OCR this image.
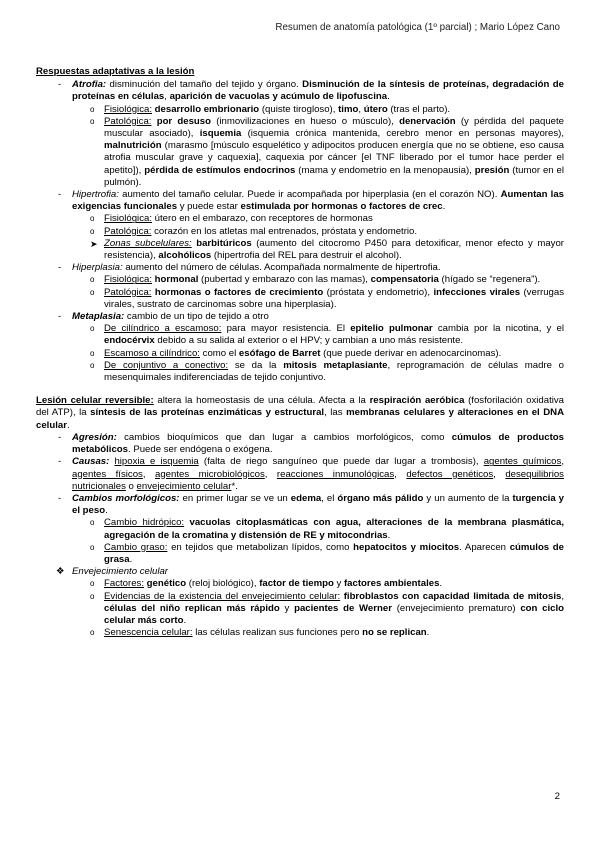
Resumen de anatomía patológica (1º parcial) ; Mario López Cano
Respuestas adaptativas a la lesión
- Atrofia: disminución del tamaño del tejido y órgano. Disminución de la síntesis de proteínas, degradación de proteínas en células, aparición de vacuolas y acúmulo de lipofuscina.
o Fisiológica: desarrollo embrionario (quiste tirogloso), timo, útero (tras el parto).
o Patológica: por desuso (inmovilizaciones en hueso o músculo), denervación (y pérdida del paquete muscular asociado), isquemia (isquemia crónica mantenida, cerebro menor en personas mayores), malnutrición (marasmo [músculo esquelético y adipocitos producen energía que no se obtiene, eso causa atrofia muscular grave y caquexia], caquexia por cáncer [el TNF liberado por el tumor hace perder el apetito]), pérdida de estímulos endocrinos (mama y endometrio en la menopausia), presión (tumor en el pulmón).
- Hipertrofia: aumento del tamaño celular. Puede ir acompañada por hiperplasia (en el corazón NO). Aumentan las exigencias funcionales y puede estar estimulada por hormonas o factores de crec.
o Fisiológica: útero en el embarazo, con receptores de hormonas
o Patológica: corazón en los atletas mal entrenados, próstata y endometrio.
➤ Zonas subcelulares: barbitúricos (aumento del citocromo P450 para detoxificar, menor efecto y mayor resistencia), alcohólicos (hipertrofia del REL para destruir el alcohol).
- Hiperplasia: aumento del número de células. Acompañada normalmente de hipertrofia.
o Fisiológica: hormonal (pubertad y embarazo con las mamas), compensatoria (hígado se “regenera”).
o Patológica: hormonas o factores de crecimiento (próstata y endometrio), infecciones virales (verrugas virales, sustrato de carcinomas sobre una hiperplasia).
- Metaplasia: cambio de un tipo de tejido a otro
o De cilíndrico a escamoso: para mayor resistencia. El epitelio pulmonar cambia por la nicotina, y el endocérvix debido a su salida al exterior o el HPV; y cambian a uno más resistente.
o Escamoso a cilíndrico: como el esófago de Barret (que puede derivar en adenocarcinomas).
o De conjuntivo a conectivo: se da la mitosis metaplasiante, reprogramación de células madre o mesenquimales indiferenciadas de tejido conjuntivo.
Lesión celular reversible: altera la homeostasis de una célula. Afecta a la respiración aeróbica (fosforilación oxidativa del ATP), la síntesis de las proteínas enzimáticas y estructural, las membranas celulares y alteraciones en el DNA celular.
- Agresión: cambios bioquímicos que dan lugar a cambios morfológicos, como cúmulos de productos metabólicos. Puede ser endógena o exógena.
- Causas: hipoxia e isquemia (falta de riego sanguíneo que puede dar lugar a trombosis), agentes químicos, agentes físicos, agentes microbiológicos, reacciones inmunológicas, defectos genéticos, desequilibrios nutricionales o envejecimiento celular*.
- Cambios morfológicos: en primer lugar se ve un edema, el órgano más pálido y un aumento de la turgencia y el peso.
o Cambio hidrópico: vacuolas citoplasmáticas con agua, alteraciones de la membrana plasmática, agregación de la cromatina y distensión de RE y mitocondrias.
o Cambio graso: en tejidos que metabolizan lípidos, como hepatocitos y miocitos. Aparecen cúmulos de grasa.
❖ Envejecimiento celular
o Factores: genético (reloj biológico), factor de tiempo y factores ambientales.
o Evidencias de la existencia del envejecimiento celular: fibroblastos con capacidad limitada de mitosis, células del niño replican más rápido y pacientes de Werner (envejecimiento prematuro) con ciclo celular más corto.
o Senescencia celular: las células realizan sus funciones pero no se replican.
2
